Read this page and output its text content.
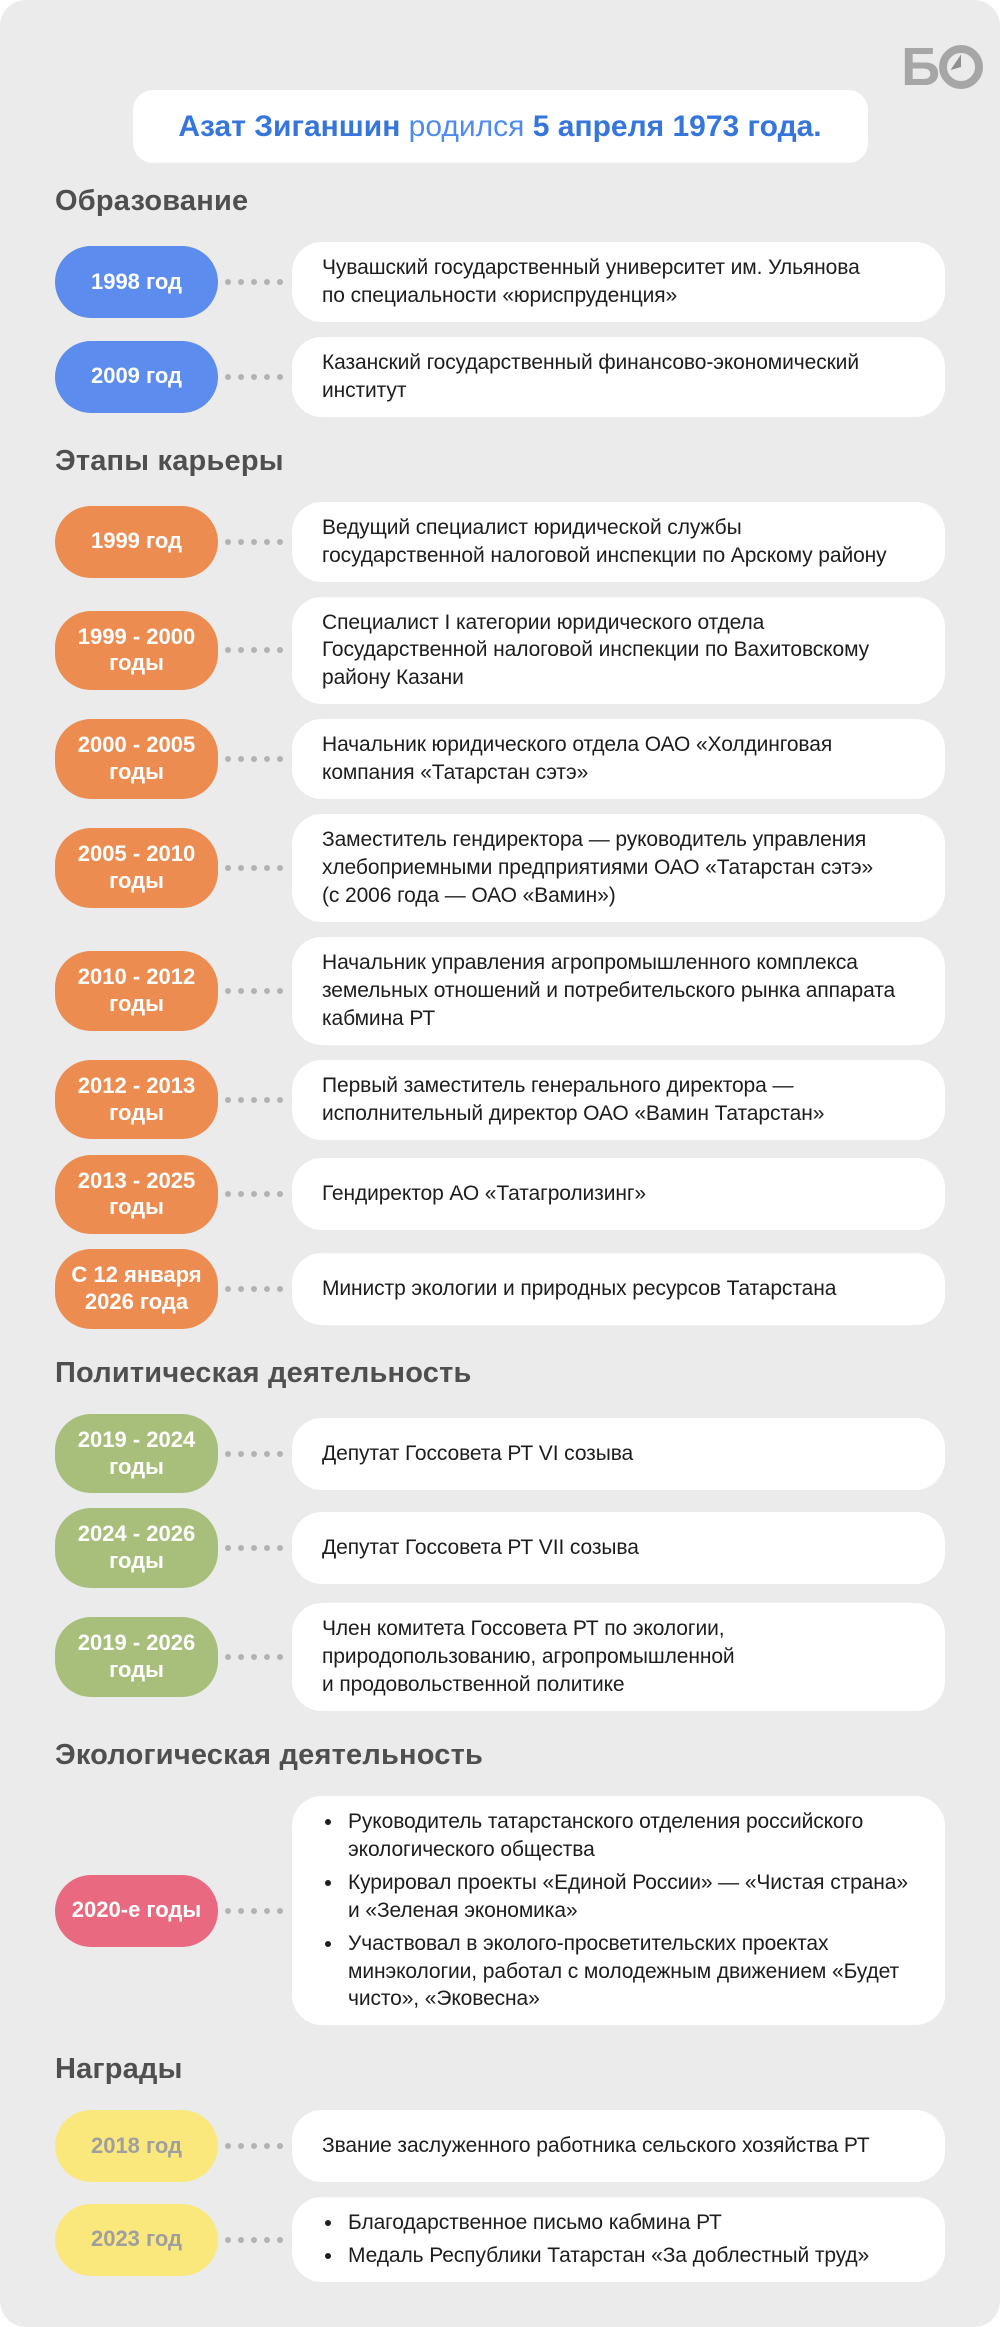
Б
Азат Зиганшин родился 5 апреля 1973 года.
Образование
1998 год
Чувашский государственный университет им. Ульянова
по специальности «юриспруденция»
2009 год
Казанский государственный финансово-экономический
институт
Этапы карьеры
1999 год
Ведущий специалист юридической службы
государственной налоговой инспекции по Арскому району
1999 - 2000
годы
Специалист I категории юридического отдела
Государственной налоговой инспекции по Вахитовскому
району Казани
2000 - 2005
годы
Начальник юридического отдела ОАО «Холдинговая
компания «Татарстан сэтэ»
2005 - 2010
годы
Заместитель гендиректора — руководитель управления
хлебоприемными предприятиями ОАО «Татарстан сэтэ»
(с 2006 года — ОАО «Вамин»)
2010 - 2012
годы
Начальник управления агропромышленного комплекса
земельных отношений и потребительского рынка аппарата
кабмина РТ
2012 - 2013
годы
Первый заместитель генерального директора —
исполнительный директор ОАО «Вамин Татарстан»
2013 - 2025
годы
Гендиректор АО «Татагролизинг»
С 12 января
2026 года
Министр экологии и природных ресурсов Татарстана
Политическая деятельность
2019 - 2024
годы
Депутат Госсовета РТ VI созыва
2024 - 2026
годы
Депутат Госсовета РТ VII созыва
2019 - 2026
годы
Член комитета Госсовета РТ по экологии,
природопользованию, агропромышленной
и продовольственной политике
Экологическая деятельность
2020-е годы
• Руководитель татарстанского отделения российского экологического общества
• Курировал проекты «Единой России» — «Чистая страна» и «Зеленая экономика»
• Участвовал в эколого-просветительских проектах минэкологии, работал с молодежным движением «Будет чисто», «Эковесна»
Награды
2018 год	Звание заслуженного работника сельского хозяйства РТ
2023 год
• Благодарственное письмо кабмина РТ
• Медаль Республики Татарстан «За доблестный труд»
